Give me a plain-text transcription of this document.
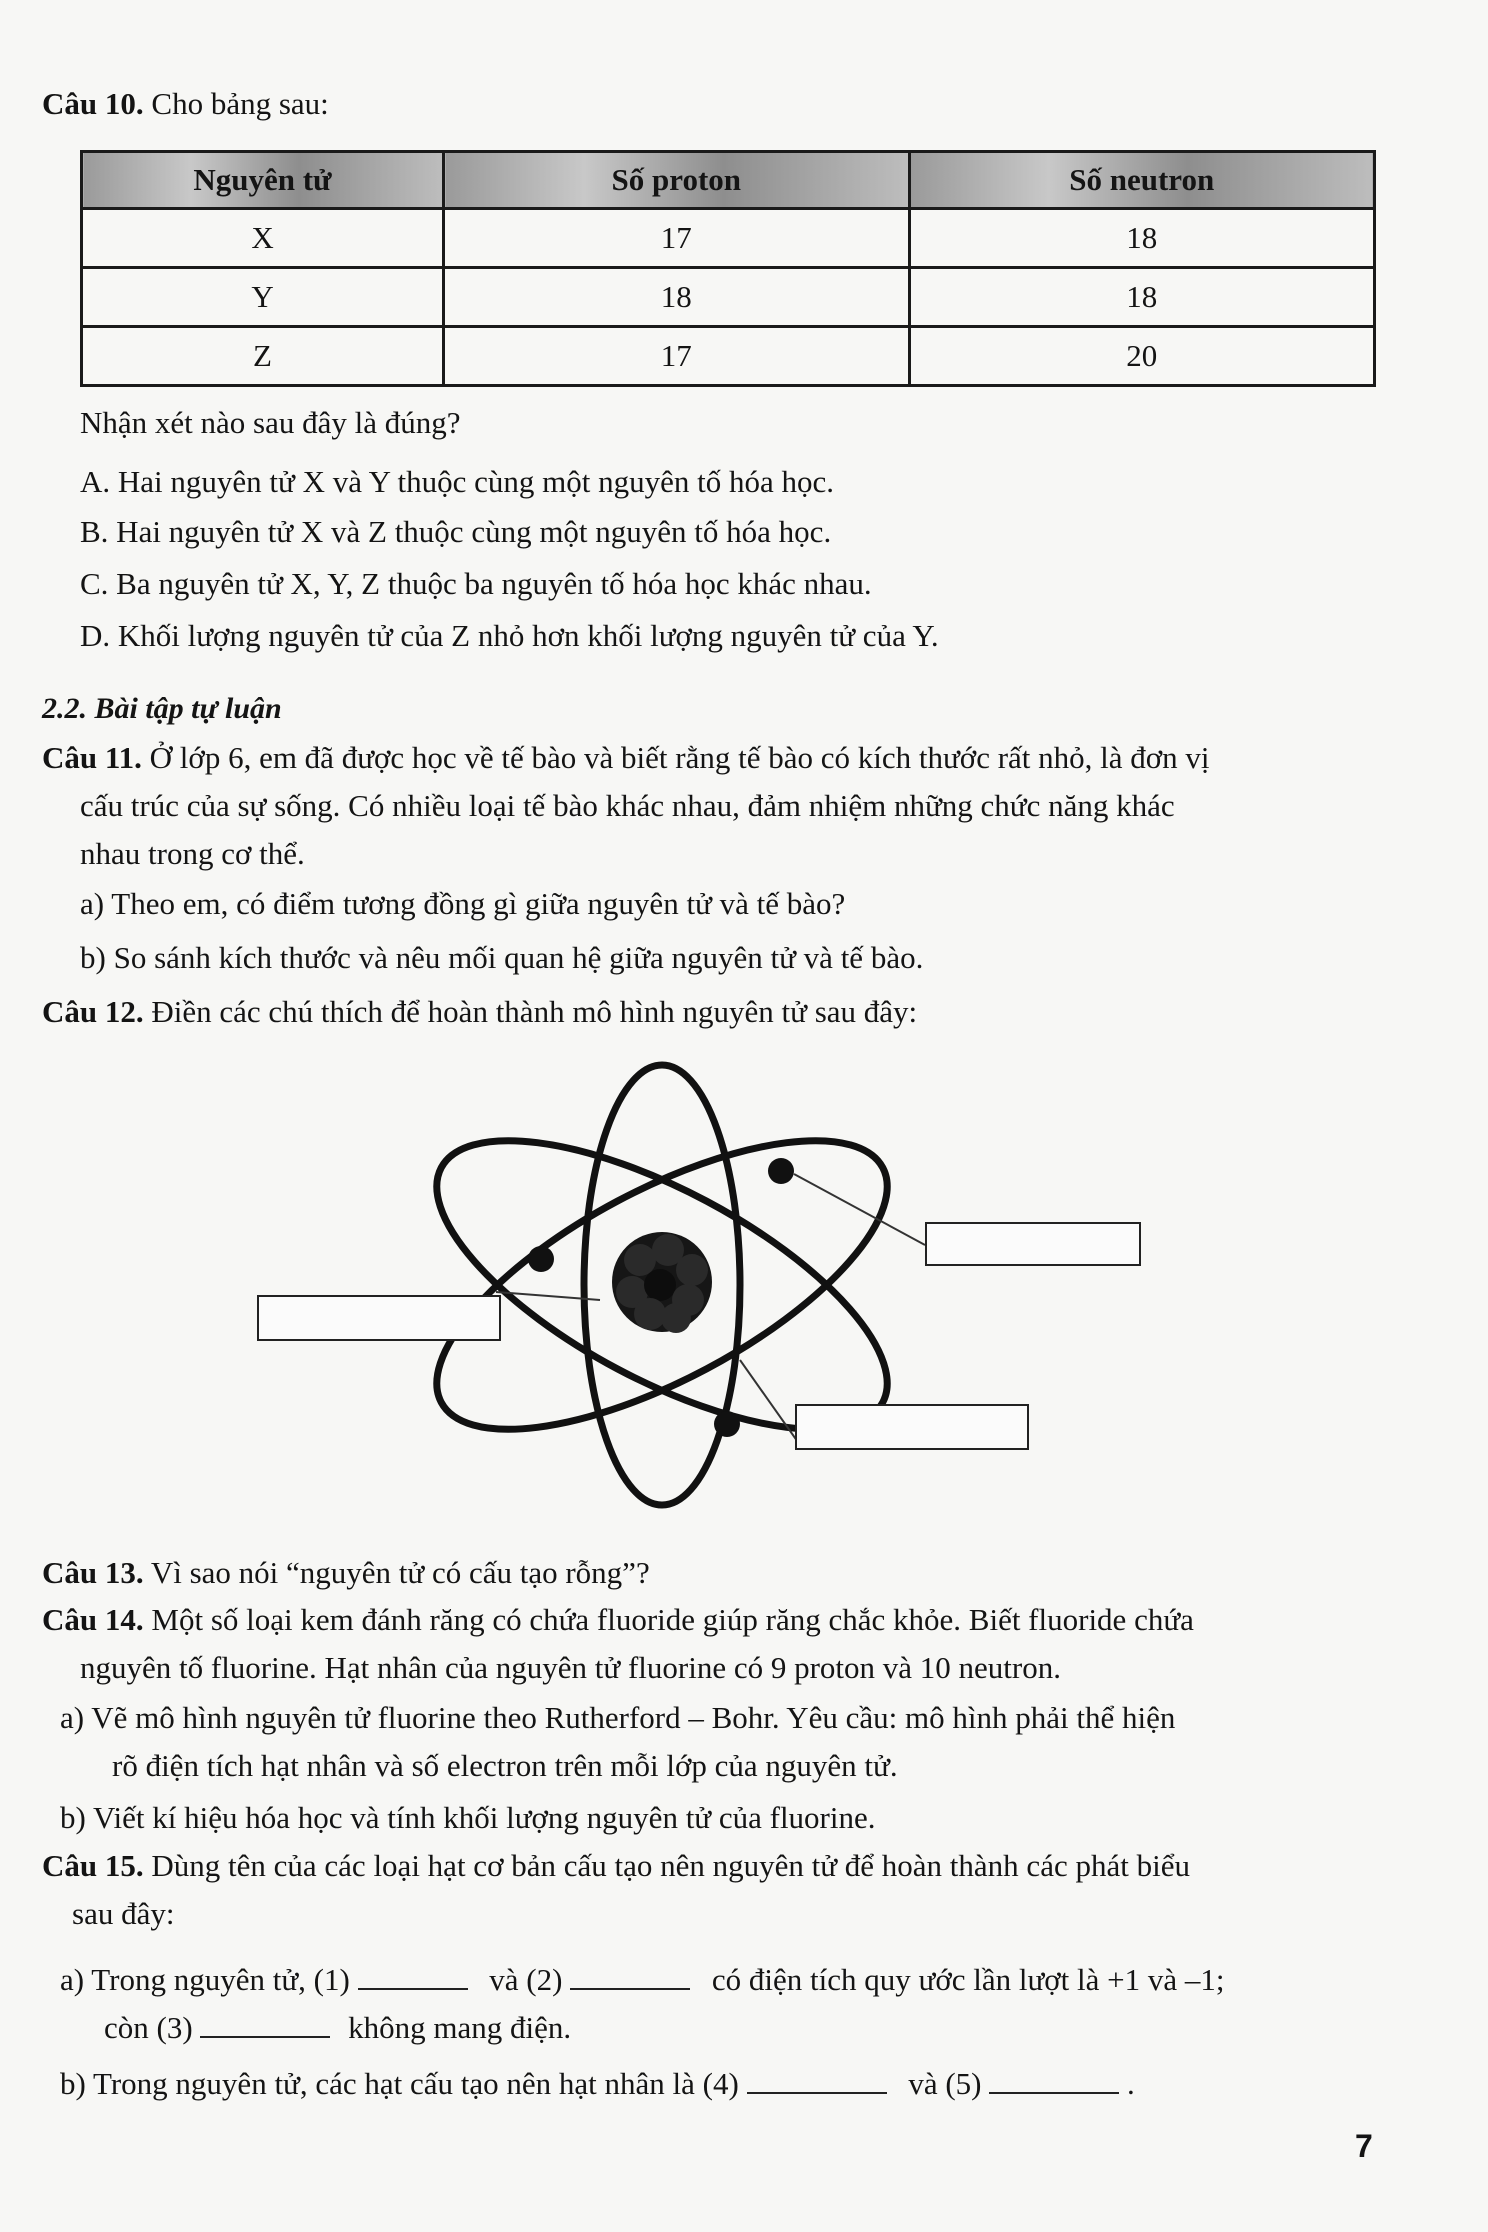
Câu 10. Cho bảng sau:
Nguyên tử	Số proton	Số neutron
X	17	18
Y	18	18
Z	17	20
Nhận xét nào sau đây là đúng?
A. Hai nguyên tử X và Y thuộc cùng một nguyên tố hóa học.
B. Hai nguyên tử X và Z thuộc cùng một nguyên tố hóa học.
C. Ba nguyên tử X, Y, Z thuộc ba nguyên tố hóa học khác nhau.
D. Khối lượng nguyên tử của Z nhỏ hơn khối lượng nguyên tử của Y.
2.2. Bài tập tự luận
Câu 11. Ở lớp 6, em đã được học về tế bào và biết rằng tế bào có kích thước rất nhỏ, là đơn vị
cấu trúc của sự sống. Có nhiều loại tế bào khác nhau, đảm nhiệm những chức năng khác
nhau trong cơ thể.
a) Theo em, có điểm tương đồng gì giữa nguyên tử và tế bào?
b) So sánh kích thước và nêu mối quan hệ giữa nguyên tử và tế bào.
Câu 12. Điền các chú thích để hoàn thành mô hình nguyên tử sau đây:
Câu 13. Vì sao nói “nguyên tử có cấu tạo rỗng”?
Câu 14. Một số loại kem đánh răng có chứa fluoride giúp răng chắc khỏe. Biết fluoride chứa
nguyên tố fluorine. Hạt nhân của nguyên tử fluorine có 9 proton và 10 neutron.
a) Vẽ mô hình nguyên tử fluorine theo Rutherford – Bohr. Yêu cầu: mô hình phải thể hiện
rõ điện tích hạt nhân và số electron trên mỗi lớp của nguyên tử.
b) Viết kí hiệu hóa học và tính khối lượng nguyên tử của fluorine.
Câu 15. Dùng tên của các loại hạt cơ bản cấu tạo nên nguyên tử để hoàn thành các phát biểu
sau đây:
a) Trong nguyên tử, (1)	và (2)	có điện tích quy ước lần lượt là +1 và –1;
còn (3)	không mang điện.
b) Trong nguyên tử, các hạt cấu tạo nên hạt nhân là (4)	và (5)	.
7
